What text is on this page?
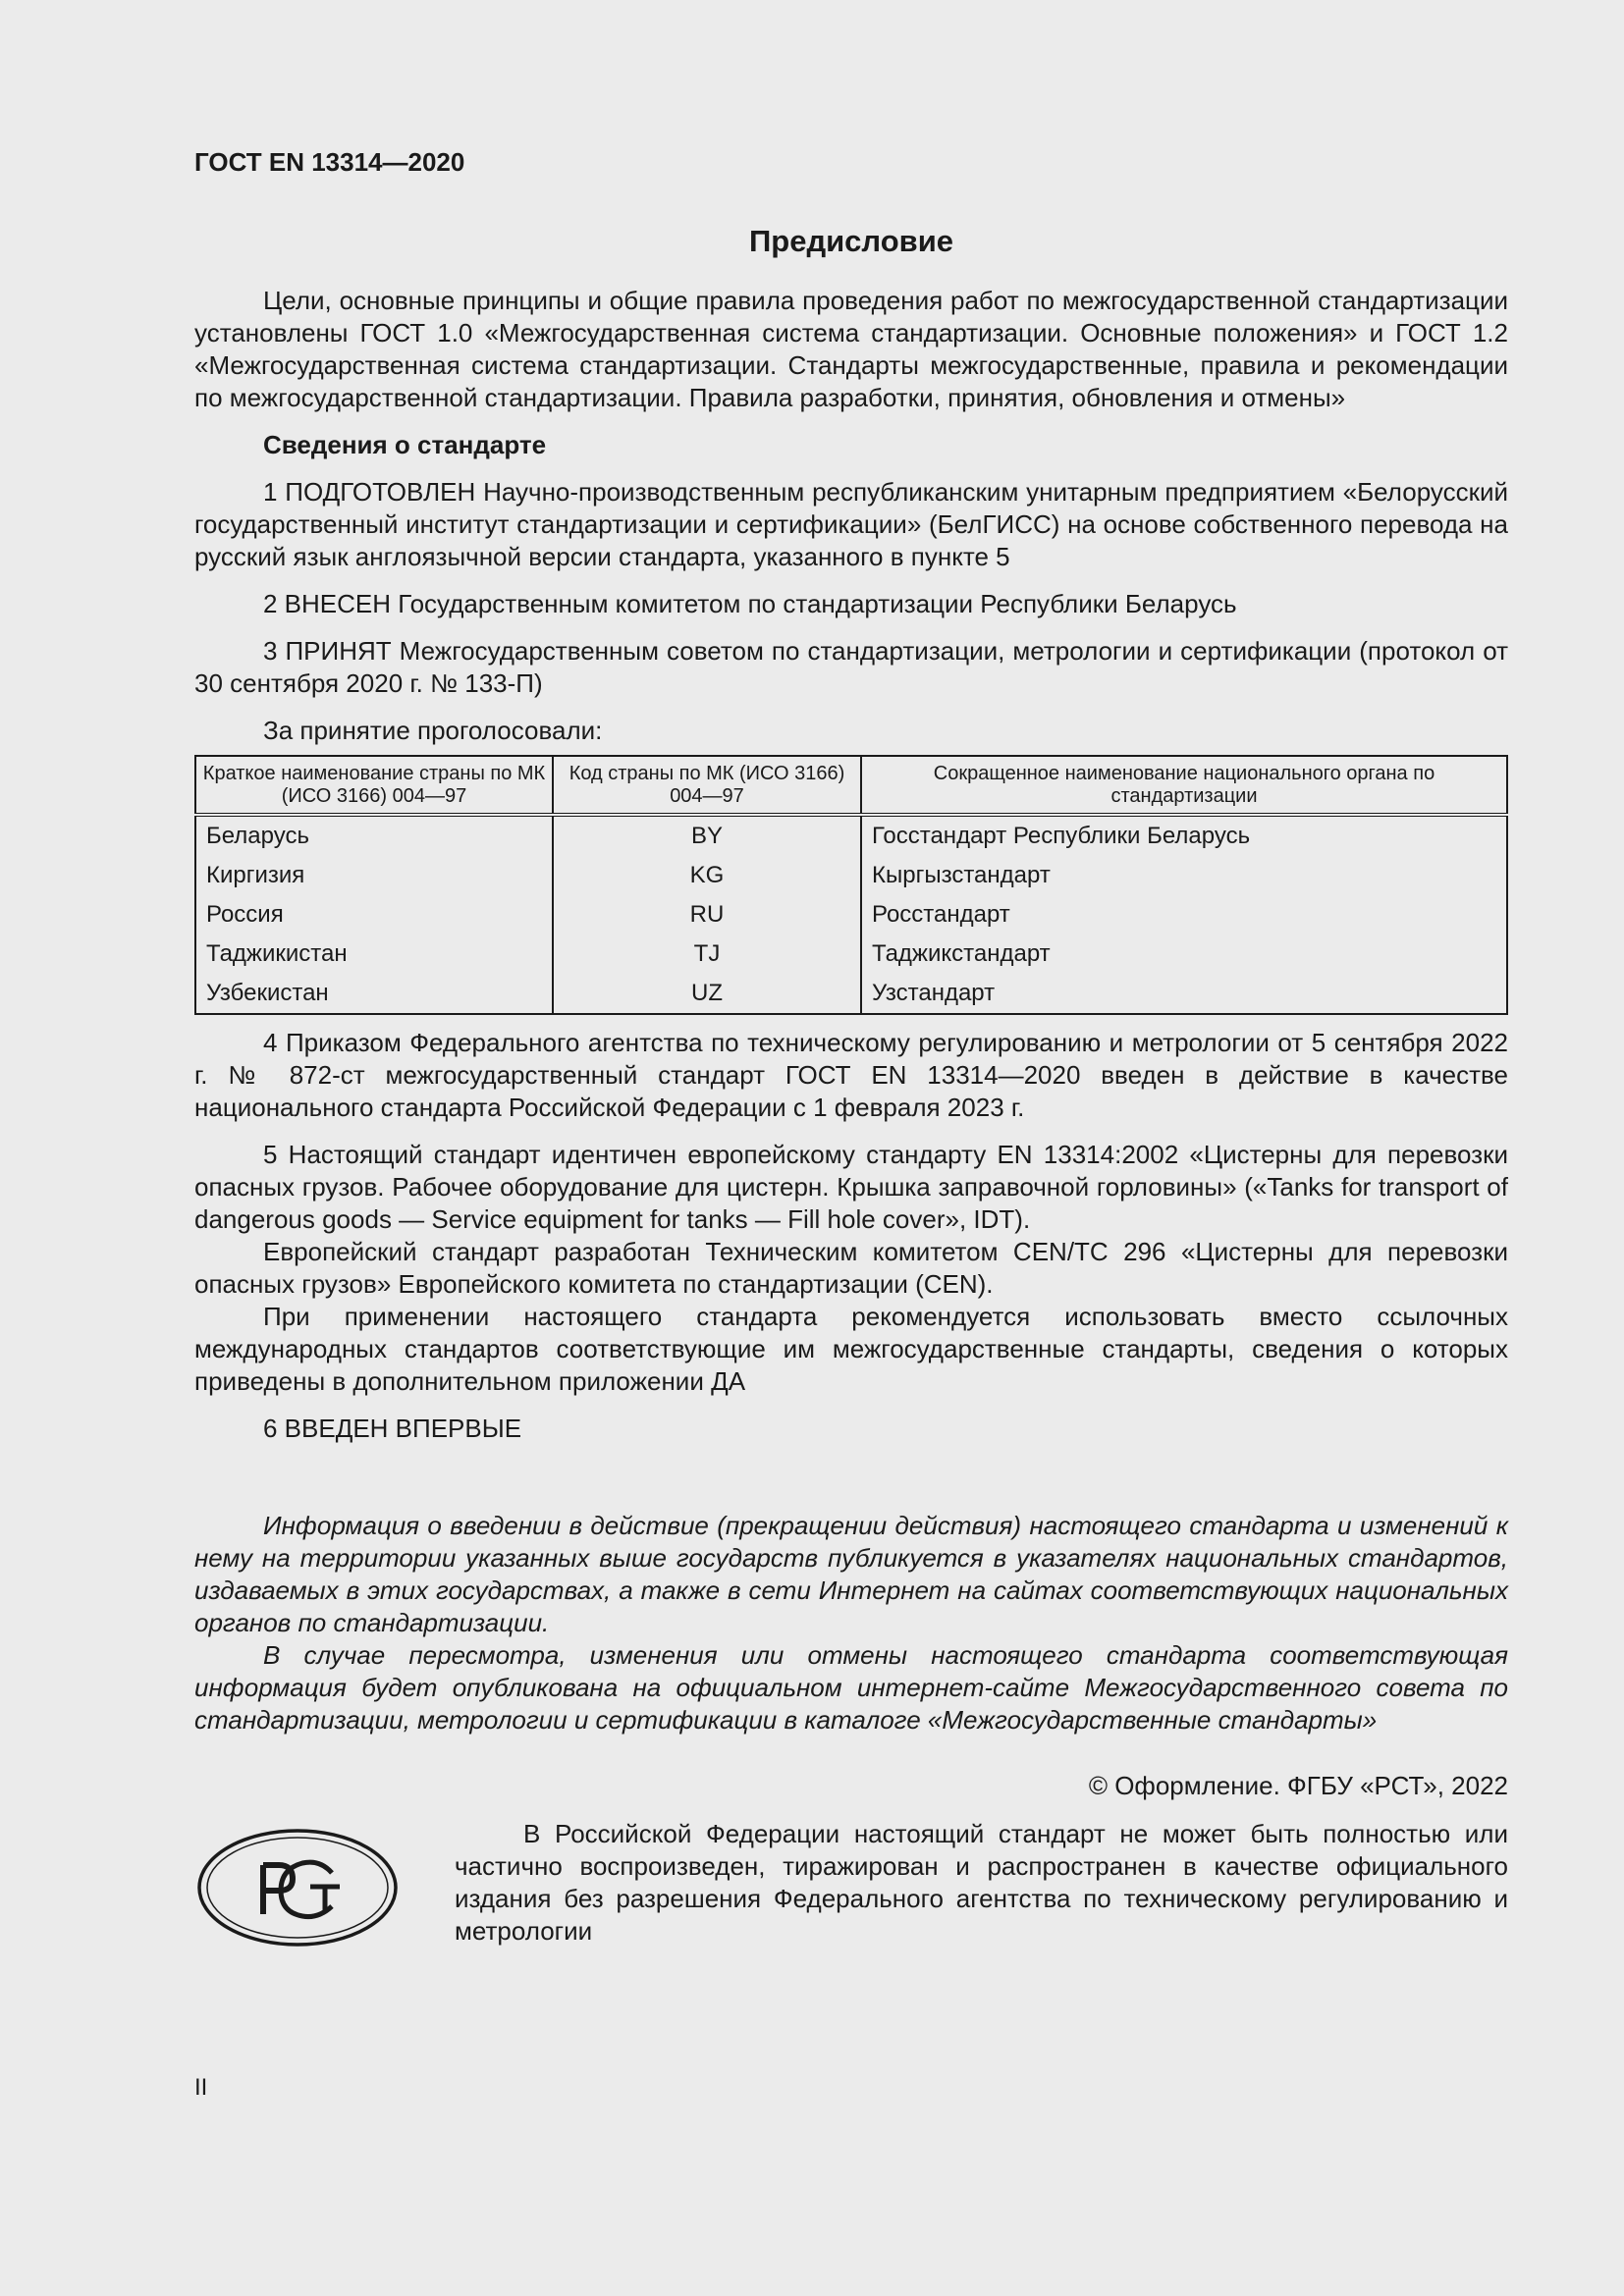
ГОСТ EN 13314—2020
Предисловие

Цели, основные принципы и общие правила проведения работ по межгосударственной стандартизации установлены ГОСТ 1.0 «Межгосударственная система стандартизации. Основные положения» и ГОСТ 1.2 «Межгосударственная система стандартизации. Стандарты межгосударственные, правила и рекомендации по межгосударственной стандартизации. Правила разработки, принятия, обновления и отмены»

Сведения о стандарте

1 ПОДГОТОВЛЕН Научно-производственным республиканским унитарным предприятием «Белорусский государственный институт стандартизации и сертификации» (БелГИСС) на основе собственного перевода на русский язык англоязычной версии стандарта, указанного в пункте 5

2 ВНЕСЕН Государственным комитетом по стандартизации Республики Беларусь

3 ПРИНЯТ Межгосударственным советом по стандартизации, метрологии и сертификации (протокол от 30 сентября 2020 г. № 133-П)

За принятие проголосовали:

Краткое наименование страны по МК (ИСО 3166) 004—97	Код страны по МК (ИСО 3166) 004—97	Сокращенное наименование национального органа по стандартизации
Беларусь	BY	Госстандарт Республики Беларусь
Киргизия	KG	Кыргызстандарт
Россия	RU	Росстандарт
Таджикистан	TJ	Таджикстандарт
Узбекистан	UZ	Узстандарт

4 Приказом Федерального агентства по техническому регулированию и метрологии от 5 сентября 2022 г. № 872-ст межгосударственный стандарт ГОСТ EN 13314—2020 введен в действие в качестве национального стандарта Российской Федерации с 1 февраля 2023 г.

5 Настоящий стандарт идентичен европейскому стандарту EN 13314:2002 «Цистерны для перевозки опасных грузов. Рабочее оборудование для цистерн. Крышка заправочной горловины» («Tanks for transport of dangerous goods — Service equipment for tanks — Fill hole cover», IDT).

Европейский стандарт разработан Техническим комитетом CEN/TC 296 «Цистерны для перевозки опасных грузов» Европейского комитета по стандартизации (CEN).

При применении настоящего стандарта рекомендуется использовать вместо ссылочных международных стандартов соответствующие им межгосударственные стандарты, сведения о которых приведены в дополнительном приложении ДА

6 ВВЕДЕН ВПЕРВЫЕ

Информация о введении в действие (прекращении действия) настоящего стандарта и изменений к нему на территории указанных выше государств публикуется в указателях национальных стандартов, издаваемых в этих государствах, а также в сети Интернет на сайтах соответствующих национальных органов по стандартизации.

В случае пересмотра, изменения или отмены настоящего стандарта соответствующая информация будет опубликована на официальном интернет-сайте Межгосударственного совета по стандартизации, метрологии и сертификации в каталоге «Межгосударственные стандарты»

© Оформление. ФГБУ «РСТ», 2022

В Российской Федерации настоящий стандарт не может быть полностью или частично воспроизведен, тиражирован и распространен в качестве официального издания без разрешения Федерального агентства по техническому регулированию и метрологии

II
